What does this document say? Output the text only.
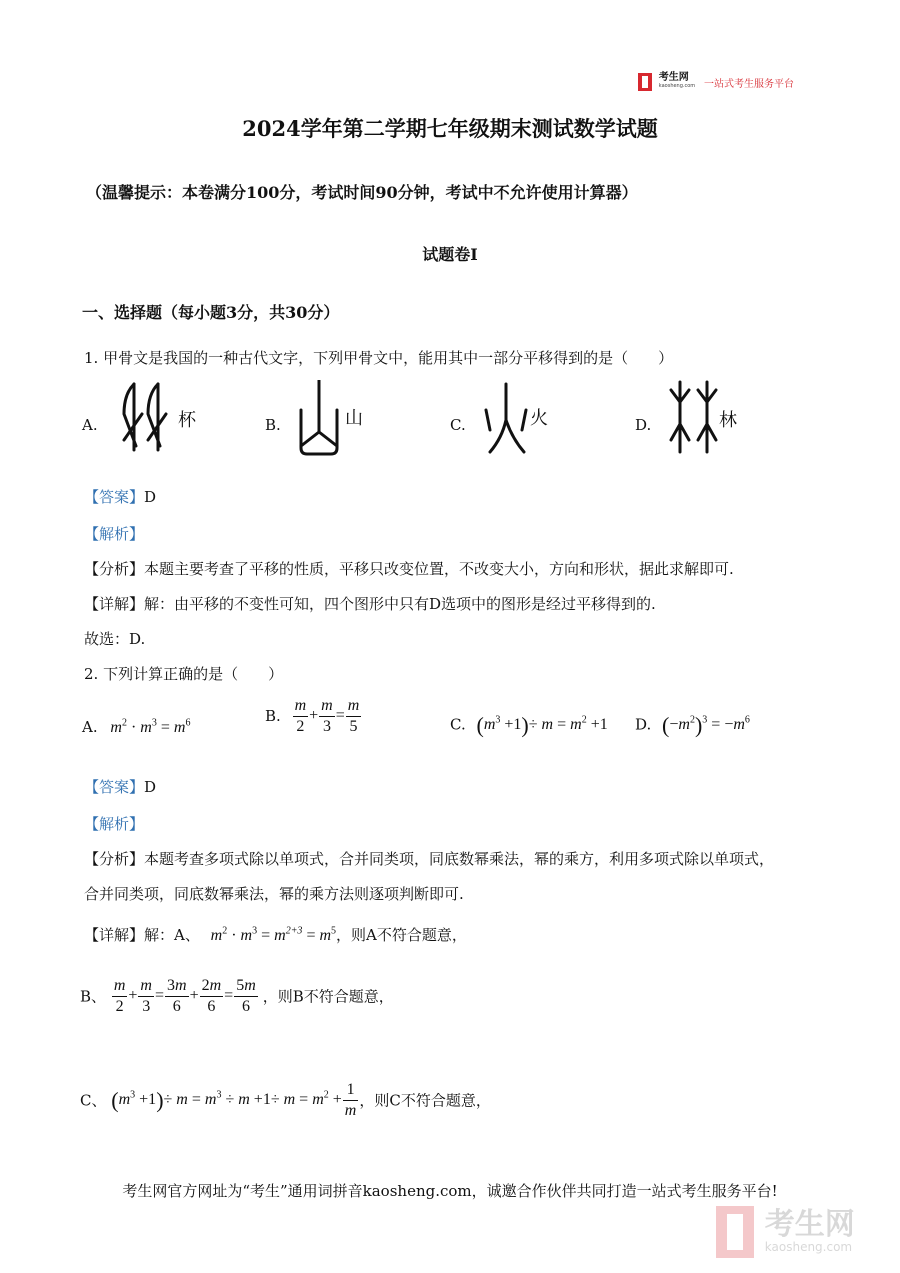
考生网
kaosheng.com 一站式考生服务平台
2024学年第二学期七年级期末测试数学试题
（温馨提示：本卷满分100分，考试时间90分钟，考试中不允许使用计算器）
试题卷Ⅰ
一、选择题（每小题3分，共30分）
1. 甲骨文是我国的一种古代文字，下列甲骨文中，能用其中一部分平移得到的是（　　）
A.	杯	B.	山	C.	火	D.	林
【答案】D
【解析】
【分析】本题主要考查了平移的性质，平移只改变位置，不改变大小，方向和形状，据此求解即可.
【详解】解：由平移的不变性可知，四个图形中只有D选项中的图形是经过平移得到的.
故选：D.
2. 下列计算正确的是（　　）
A. $m^2 \cdot m^3 = m^6$	B. $\frac{m}{2} + \frac{m}{3} = \frac{m}{5}$	C. $(m^3 +1)\div m = m^2 +1$ D. $(-m^2)^3 = -m^6$
【答案】D
【解析】
【分析】本题考查多项式除以单项式，合并同类项，同底数幂乘法，幂的乘方，利用多项式除以单项式，
合并同类项，同底数幂乘法，幂的乘方法则逐项判断即可.
【详解】解：A、 $m^2 \cdot m^3 = m^{2+3} = m^5$，则A不符合题意，
B、 $\frac{m}{2} + \frac{m}{3} = \frac{3m}{6} + \frac{2m}{6} = \frac{5m}{6}$ ，则B不符合题意，
C、 $(m^3 +1)\div m = m^3 \div m +1\div m = m^2 + \frac{1}{m}$ ，则C不符合题意，
考生网官方网址为“考生”通用词拼音kaosheng.com，诚邀合作伙伴共同打造一站式考生服务平台!

考生网
kaosheng.com
